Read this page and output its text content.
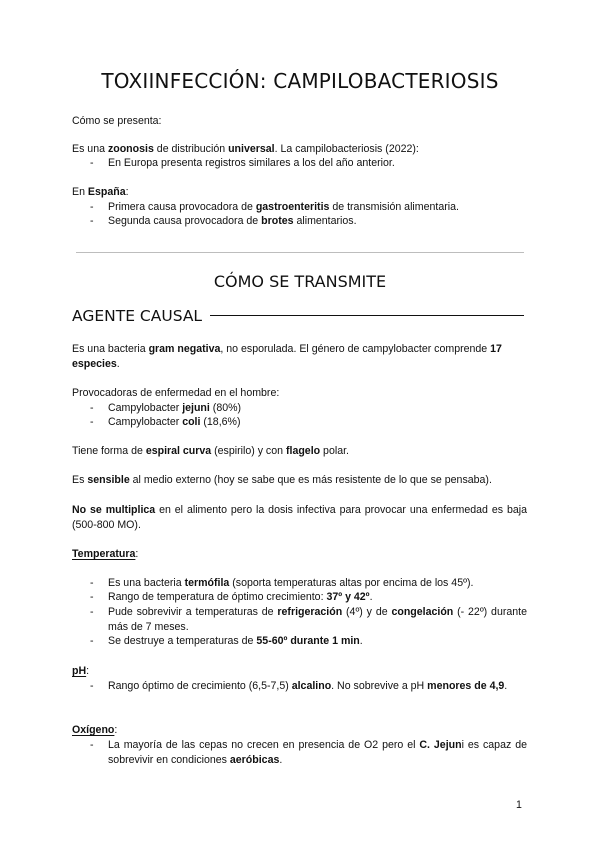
TOXIINFECCIÓN: CAMPILOBACTERIOSIS

Cómo se presenta:

Es una zoonosis de distribución universal. La campilobacteriosis (2022):

- En Europa presenta registros similares a los del año anterior.

En España:

- Primera causa provocadora de gastroenteritis de transmisión alimentaria.
- Segunda causa provocadora de brotes alimentarios.
CÓMO SE TRANSMITE
AGENTE CAUSAL

Es una bacteria gram negativa, no esporulada. El género de campylobacter comprende 17 especies.

Provocadoras de enfermedad en el hombre:

- Campylobacter jejuni (80%)
- Campylobacter coli (18,6%)

Tiene forma de espiral curva (espirilo) y con flagelo polar.

Es sensible al medio externo (hoy se sabe que es más resistente de lo que se pensaba).

No se multiplica en el alimento pero la dosis infectiva para provocar una enfermedad es baja (500-800 MO).

Temperatura:

- Es una bacteria termófila (soporta temperaturas altas por encima de los 45º).
- Rango de temperatura de óptimo crecimiento: 37º y 42º.
- Pude sobrevivir a temperaturas de refrigeración (4º) y de congelación (- 22º) durante más de 7 meses.
- Se destruye a temperaturas de 55-60º durante 1 min.

pH:

- Rango óptimo de crecimiento (6,5-7,5) alcalino. No sobrevive a pH menores de 4,9.

Oxígeno:

- La mayoría de las cepas no crecen en presencia de O2 pero el C. Jejuni es capaz de sobrevivir en condiciones aeróbicas.
1
